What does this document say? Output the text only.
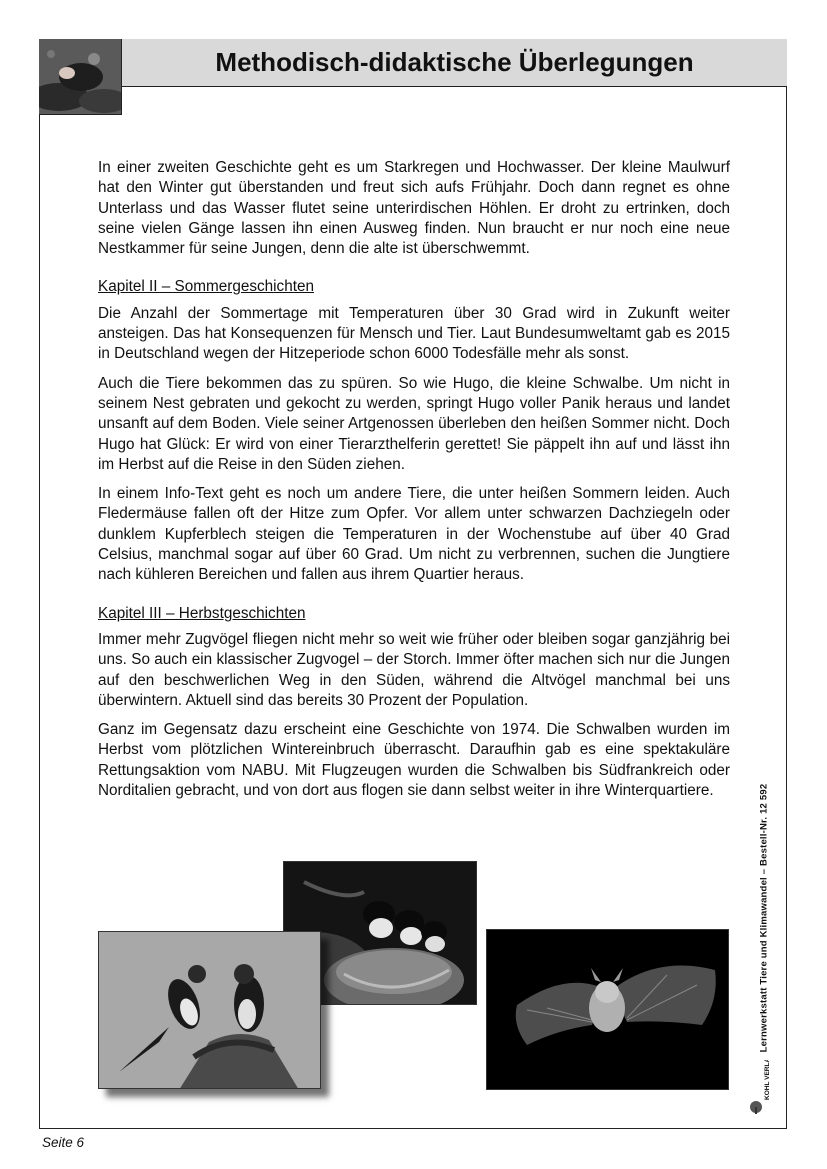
Methodisch-didaktische Überlegungen

In einer zweiten Geschichte geht es um Starkregen und Hochwasser. Der kleine Maulwurf hat den Winter gut überstanden und freut sich aufs Frühjahr. Doch dann regnet es ohne Unterlass und das Wasser flutet seine unterirdischen Höhlen. Er droht zu ertrinken, doch seine vielen Gänge lassen ihn einen Ausweg finden. Nun braucht er nur noch eine neue Nestkammer für seine Jungen, denn die alte ist überschwemmt.

Kapitel II – Sommergeschichten

Die Anzahl der Sommertage mit Temperaturen über 30 Grad wird in Zukunft weiter ansteigen. Das hat Konsequenzen für Mensch und Tier. Laut Bundesumweltamt gab es 2015 in Deutschland wegen der Hitzeperiode schon 6000 Todesfälle mehr als sonst.

Auch die Tiere bekommen das zu spüren. So wie Hugo, die kleine Schwalbe. Um nicht in seinem Nest gebraten und gekocht zu werden, springt Hugo voller Panik heraus und landet unsanft auf dem Boden. Viele seiner Artgenossen überleben den heißen Sommer nicht. Doch Hugo hat Glück: Er wird von einer Tierarzthelferin gerettet! Sie päppelt ihn auf und lässt ihn im Herbst auf die Reise in den Süden ziehen.

In einem Info-Text geht es noch um andere Tiere, die unter heißen Sommern leiden. Auch Fledermäuse fallen oft der Hitze zum Opfer. Vor allem unter schwarzen Dachziegeln oder dunklem Kupferblech steigen die Temperaturen in der Wochenstube auf über 40 Grad Celsius, manchmal sogar auf über 60 Grad. Um nicht zu verbrennen, suchen die Jungtiere nach kühleren Bereichen und fallen aus ihrem Quartier heraus.

Kapitel III – Herbstgeschichten

Immer mehr Zugvögel fliegen nicht mehr so weit wie früher oder bleiben sogar ganzjährig bei uns. So auch ein klassischer Zugvogel – der Storch. Immer öfter machen sich nur die Jungen auf den beschwerlichen Weg in den Süden, während die Altvögel manchmal bei uns überwintern. Aktuell sind das bereits 30 Prozent der Population.

Ganz im Gegensatz dazu erscheint eine Geschichte von 1974. Die Schwalben wurden im Herbst vom plötzlichen Wintereinbruch überrascht. Daraufhin gab es eine spektakuläre Rettungsaktion vom NABU. Mit Flugzeugen wurden die Schwalben bis Südfrankreich oder Norditalien gebracht, und von dort aus flogen sie dann selbst weiter in ihre Winterquartiere.	Lernwerkstatt Tiere und Klimawandel – Bestell-Nr. 12 592
KOHL VERLAG
Seite 6
